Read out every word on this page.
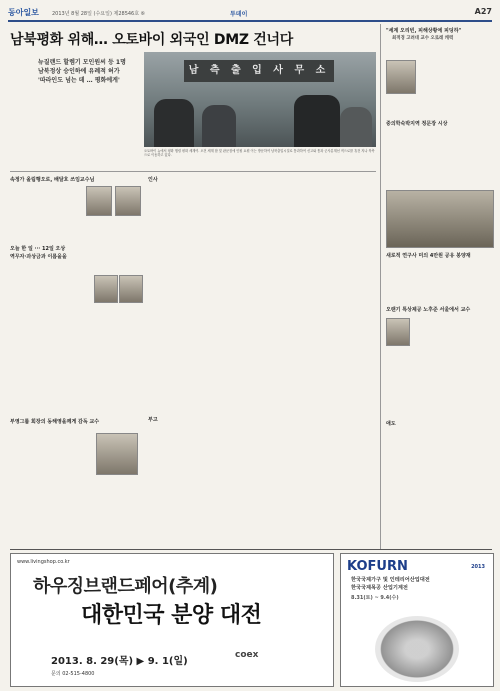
동아일보	2013년 8월 28일 (수요일) 제28546호 ⑥	투데이	A27
남북평화 위해… 오토바이 외국인 DMZ 건너다
뉴질랜드 할렘기 모인원씨 등 1명
남북정상 승인하에 유례적 허가
'따라인도 넘는 데 … 평화에게'
남 측 출 입 사 무 소
오토바이 뉴에서 평화 행렬 평화 세계여. 오전 세계 합 및 판문점에 인원 요원 이는 방문하여 남북출입시설로 통과하여 신고와 통과 군사분계선 적으로를 휴전 지나 북측으로 이동하고 있다.
속정가 올림행오로, 배달호 쓰임교수님
오늘 한 일 ··· 12일 오상
역무자·과상금과 이름을을
인사
부고
부영그룹 회장의 동해영을께게 감독 교수
"세계 오리빈, 피해상황에 피딩하"
최적경 고려대 교수 오로레 캐력
중의학숙박지역 정문장 시상
새로적 연구사 미의 4만원 공유 봉양재
오랜기 특상제공 노후준 서울에서 교수
애도
www.livingshop.co.kr
하우징브랜드페어(추계)
대한민국 분양 대전
2013. 8. 29(목) ▶ 9. 1(일)
coex
문의 02-515-4800
KOFURN	2013
한국국제가구 및 인테리어산업대전
한국국제목공 산업기계전
8.31(토) ~ 9.4(수)
